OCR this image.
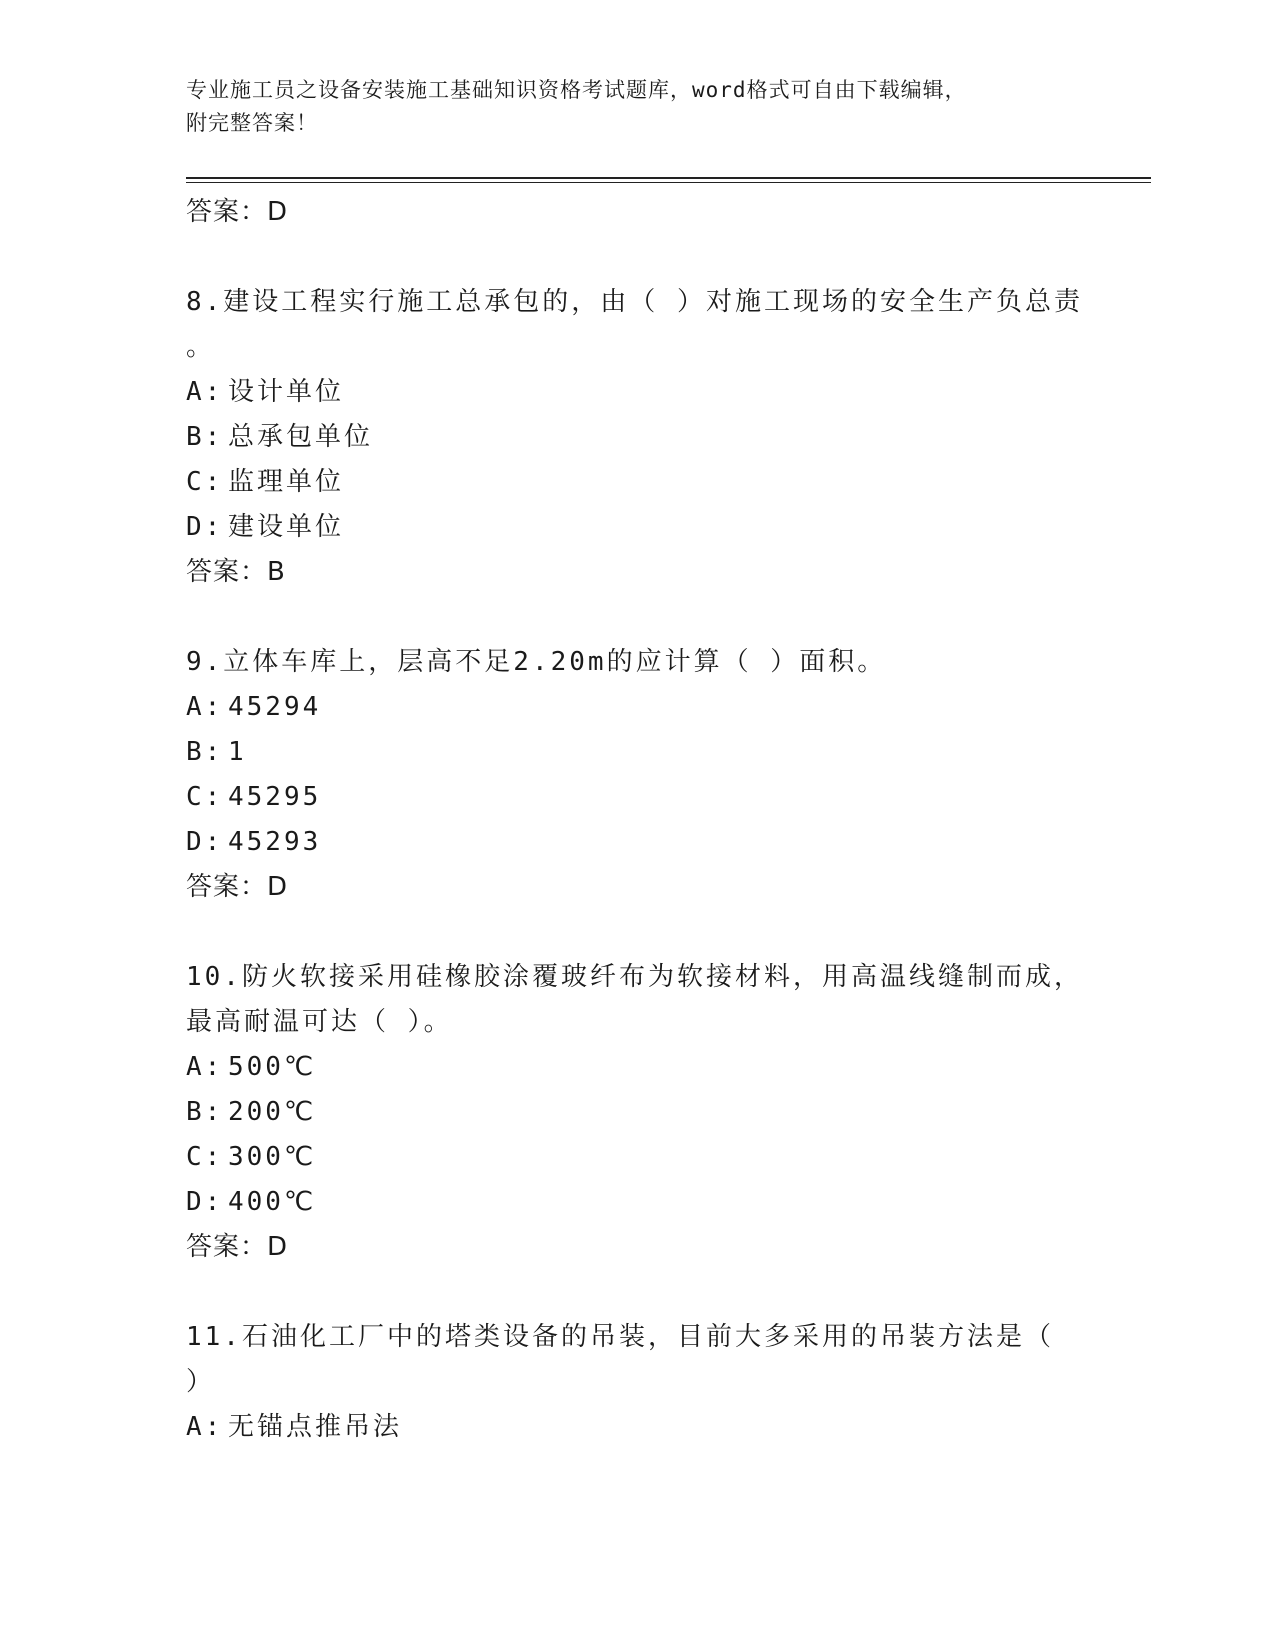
专业施工员之设备安装施工基础知识资格考试题库，word格式可自由下载编辑，
附完整答案！
答案：D
8.建设工程实行施工总承包的，由（ ）对施工现场的安全生产负总责
。
A: 设计单位
B: 总承包单位
C: 监理单位
D: 建设单位
答案：B
9.立体车库上，层高不足2.20m的应计算（ ）面积。
A: 45294
B: 1
C: 45295
D: 45293
答案：D
10.防火软接采用硅橡胶涂覆玻纤布为软接材料，用高温线缝制而成，
最高耐温可达（ ）。
A: 500℃
B: 200℃
C: 300℃
D: 400℃
答案：D
11.石油化工厂中的塔类设备的吊装，目前大多采用的吊装方法是（
）
A: 无锚点推吊法
